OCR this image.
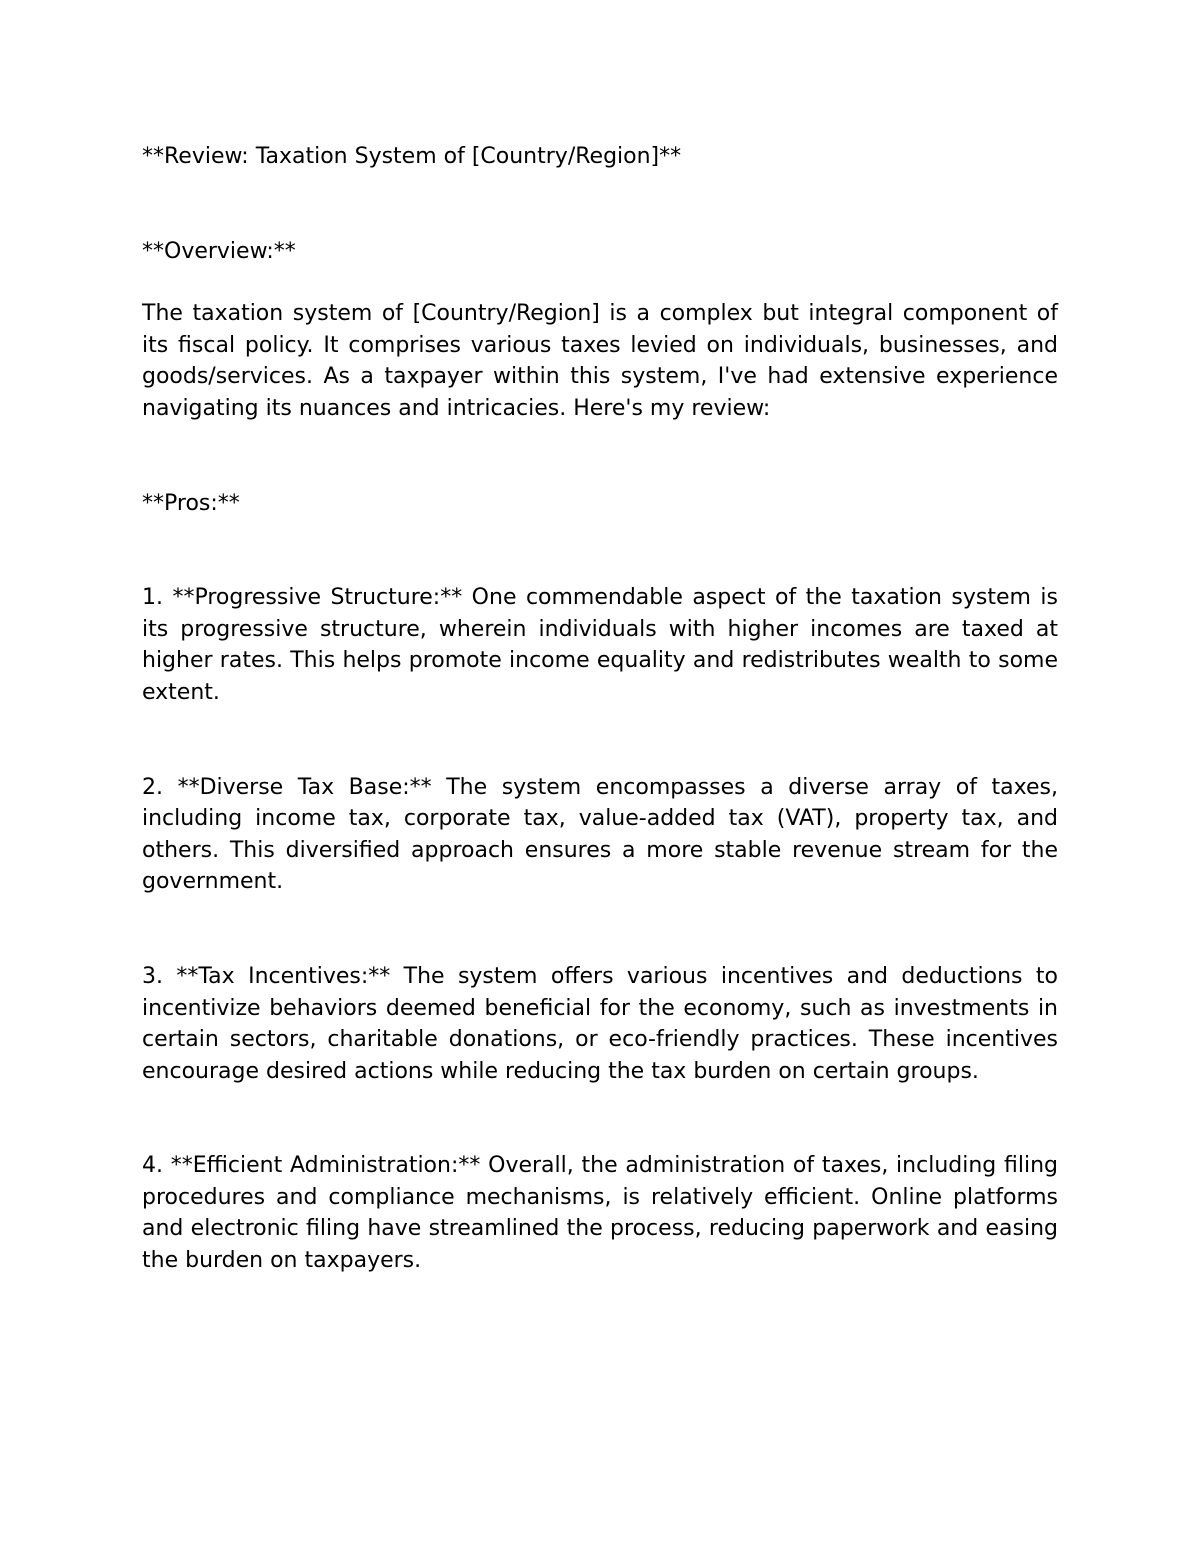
**Review: Taxation System of [Country/Region]**

**Overview:**

The taxation system of [Country/Region] is a complex but integral component of its fiscal policy. It comprises various taxes levied on individuals, businesses, and goods/services. As a taxpayer within this system, I've had extensive experience navigating its nuances and intricacies. Here's my review:

**Pros:**

1. **Progressive Structure:** One commendable aspect of the taxation system is its progressive structure, wherein individuals with higher incomes are taxed at higher rates. This helps promote income equality and redistributes wealth to some extent.

2. **Diverse Tax Base:** The system encompasses a diverse array of taxes, including income tax, corporate tax, value-added tax (VAT), property tax, and others. This diversified approach ensures a more stable revenue stream for the government.

3. **Tax Incentives:** The system offers various incentives and deductions to incentivize behaviors deemed beneficial for the economy, such as investments in certain sectors, charitable donations, or eco-friendly practices. These incentives encourage desired actions while reducing the tax burden on certain groups.

4. **Efficient Administration:** Overall, the administration of taxes, including filing procedures and compliance mechanisms, is relatively efficient. Online platforms and electronic filing have streamlined the process, reducing paperwork and easing the burden on taxpayers.
